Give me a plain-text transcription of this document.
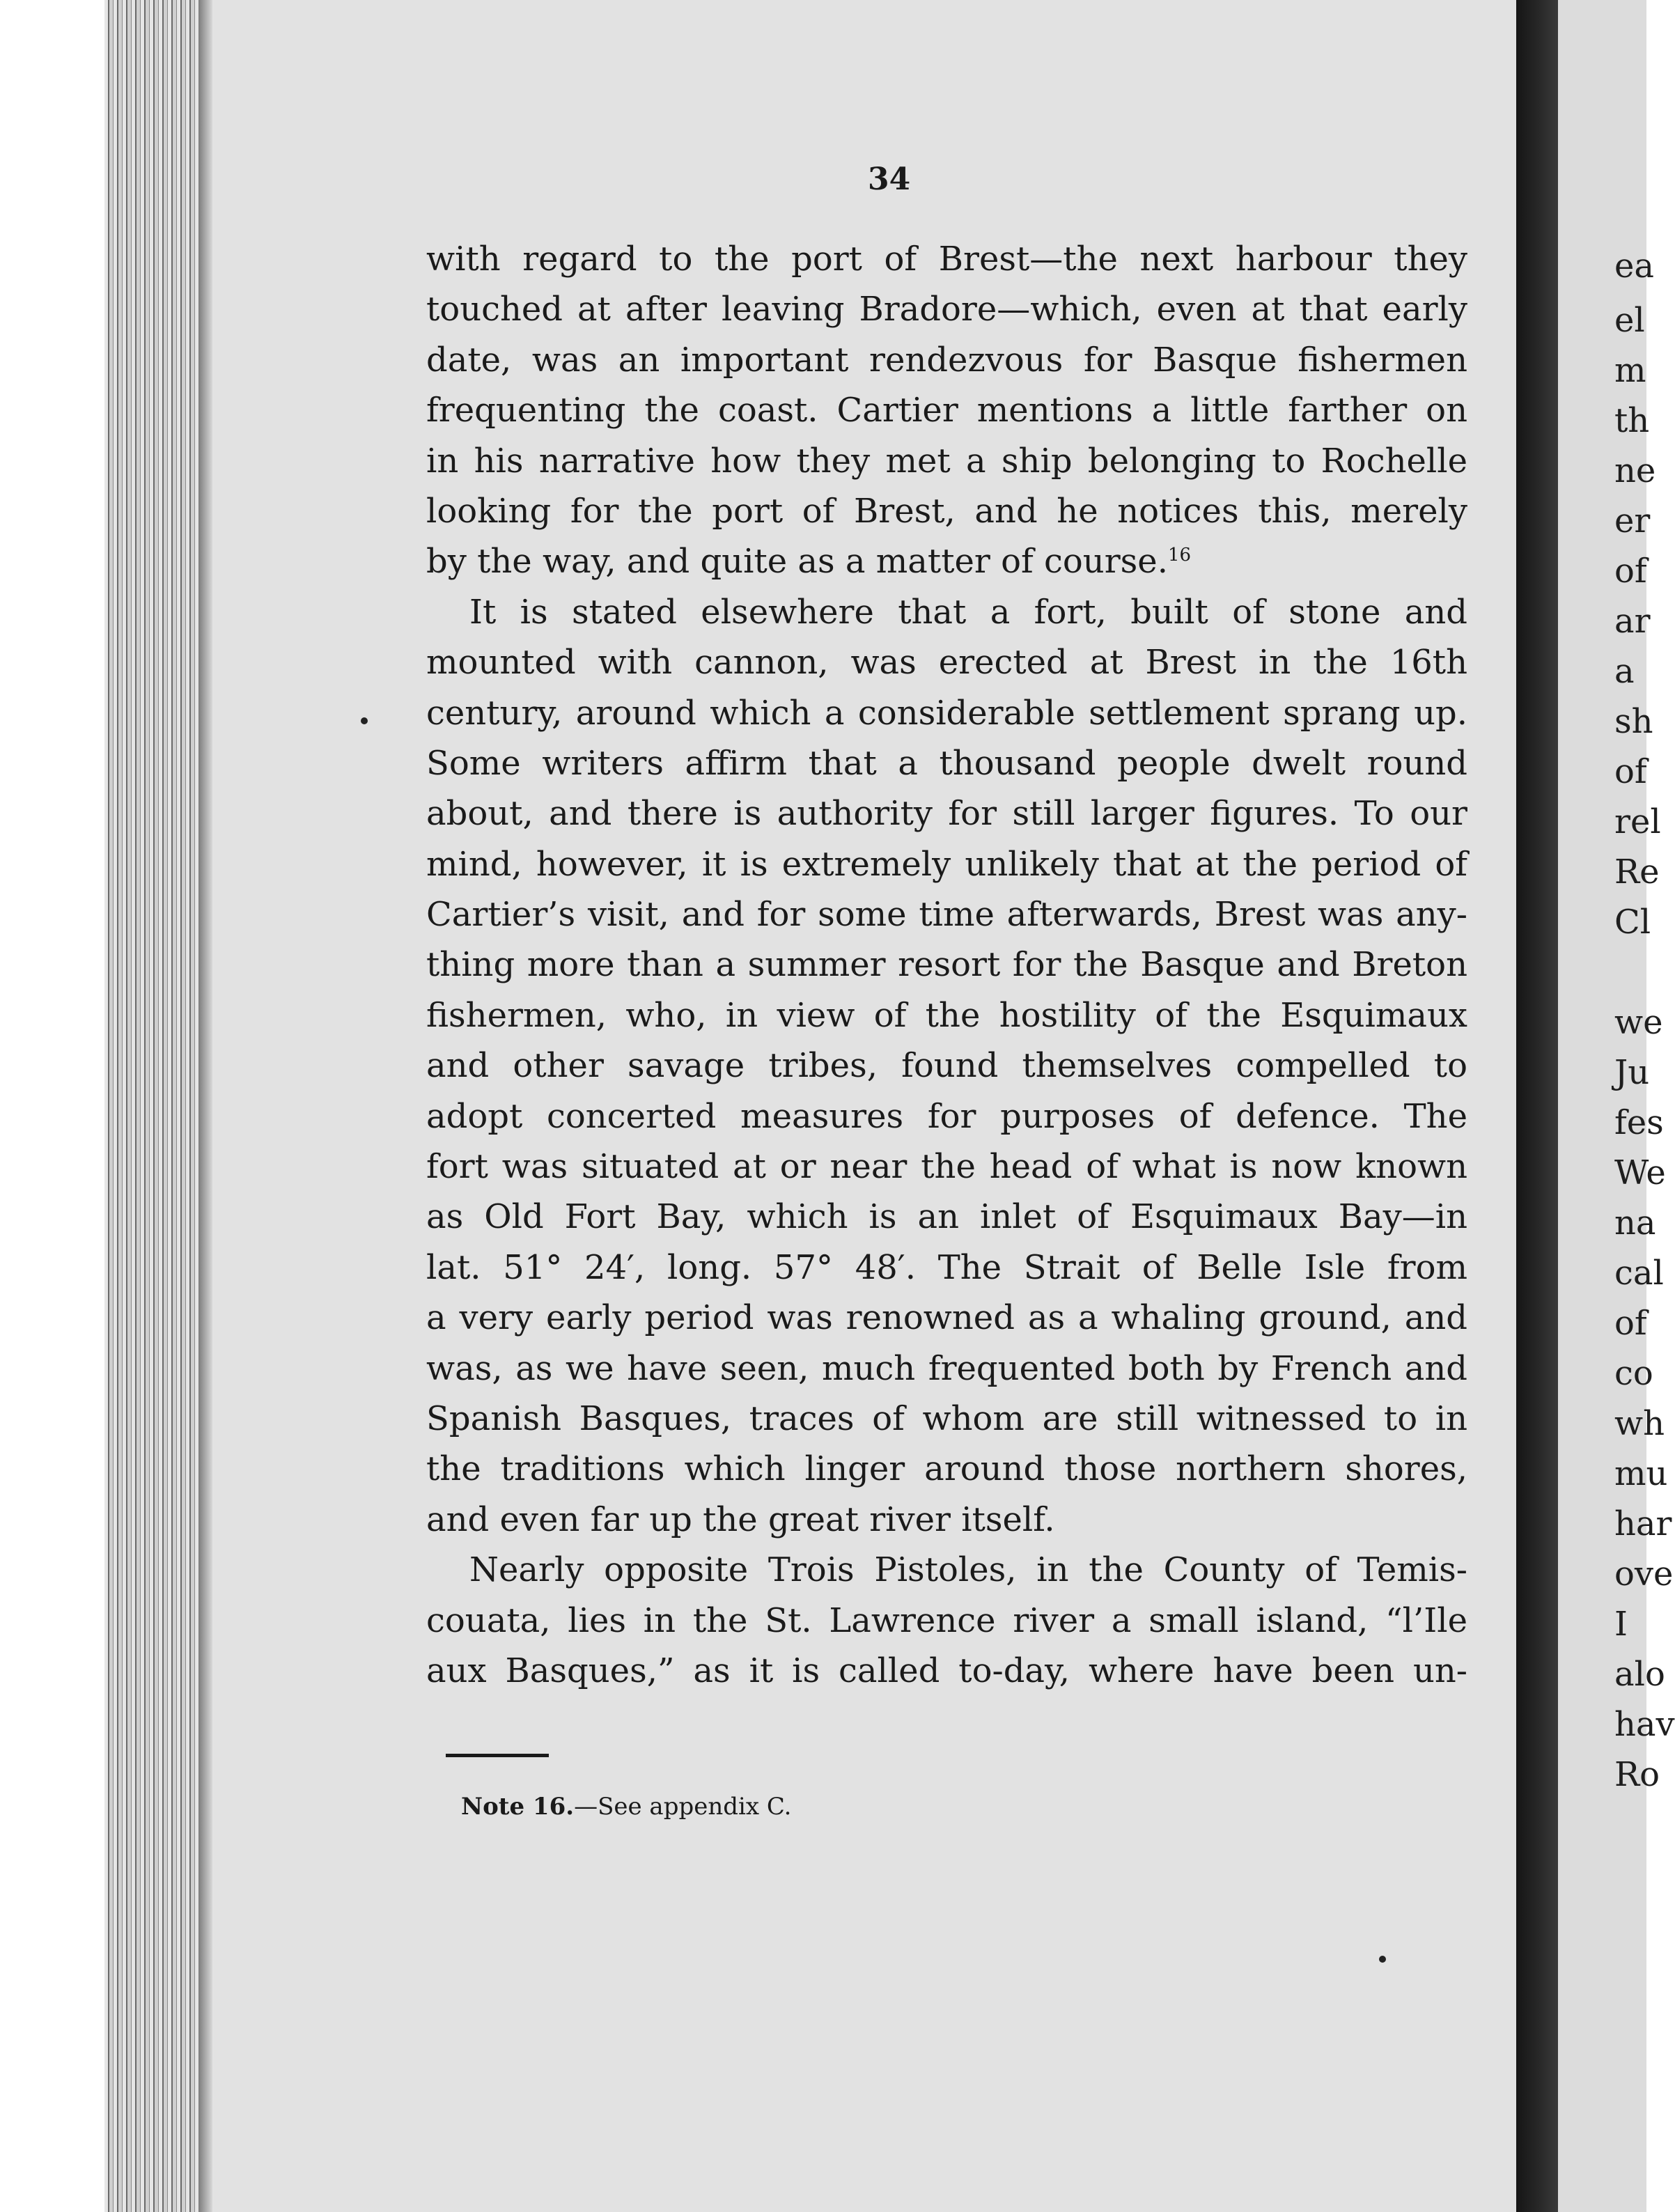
34
with regard to the port of Brest—the next harbour they
touched at after leaving Bradore—which, even at that early
date, was an important rendezvous for Basque fishermen
frequenting the coast. Cartier mentions a little farther on
in his narrative how they met a ship belonging to Rochelle
looking for the port of Brest, and he notices this, merely
by the way, and quite as a matter of course.$^{16}$
It is stated elsewhere that a fort, built of stone and
mounted with cannon, was erected at Brest in the 16th
century, around which a considerable settlement sprang up.
Some writers affirm that a thousand people dwelt round
about, and there is authority for still larger figures. To our
mind, however, it is extremely unlikely that at the period of
Cartier’s visit, and for some time afterwards, Brest was any-
thing more than a summer resort for the Basque and Breton
fishermen, who, in view of the hostility of the Esquimaux
and other savage tribes, found themselves compelled to
adopt concerted measures for purposes of defence. The
fort was situated at or near the head of what is now known
as Old Fort Bay, which is an inlet of Esquimaux Bay—in
lat. 51° 24′, long. 57° 48′. The Strait of Belle Isle from
a very early period was renowned as a whaling ground, and
was, as we have seen, much frequented both by French and
Spanish Basques, traces of whom are still witnessed to in
the traditions which linger around those northern shores,
and even far up the great river itself.
Nearly opposite Trois Pistoles, in the County of Temis-
couata, lies in the St. Lawrence river a small island, “l’Ile
aux Basques,” as it is called to-day, where have been un-
Note 16.—See appendix C.
ea
el
m
th
ne
er
of
ar
a
sh
of
rel
Re
Cl
we
Ju
fes
We
na
cal
of
co
wh
mu
har
ove
I
alo
hav
Ro
